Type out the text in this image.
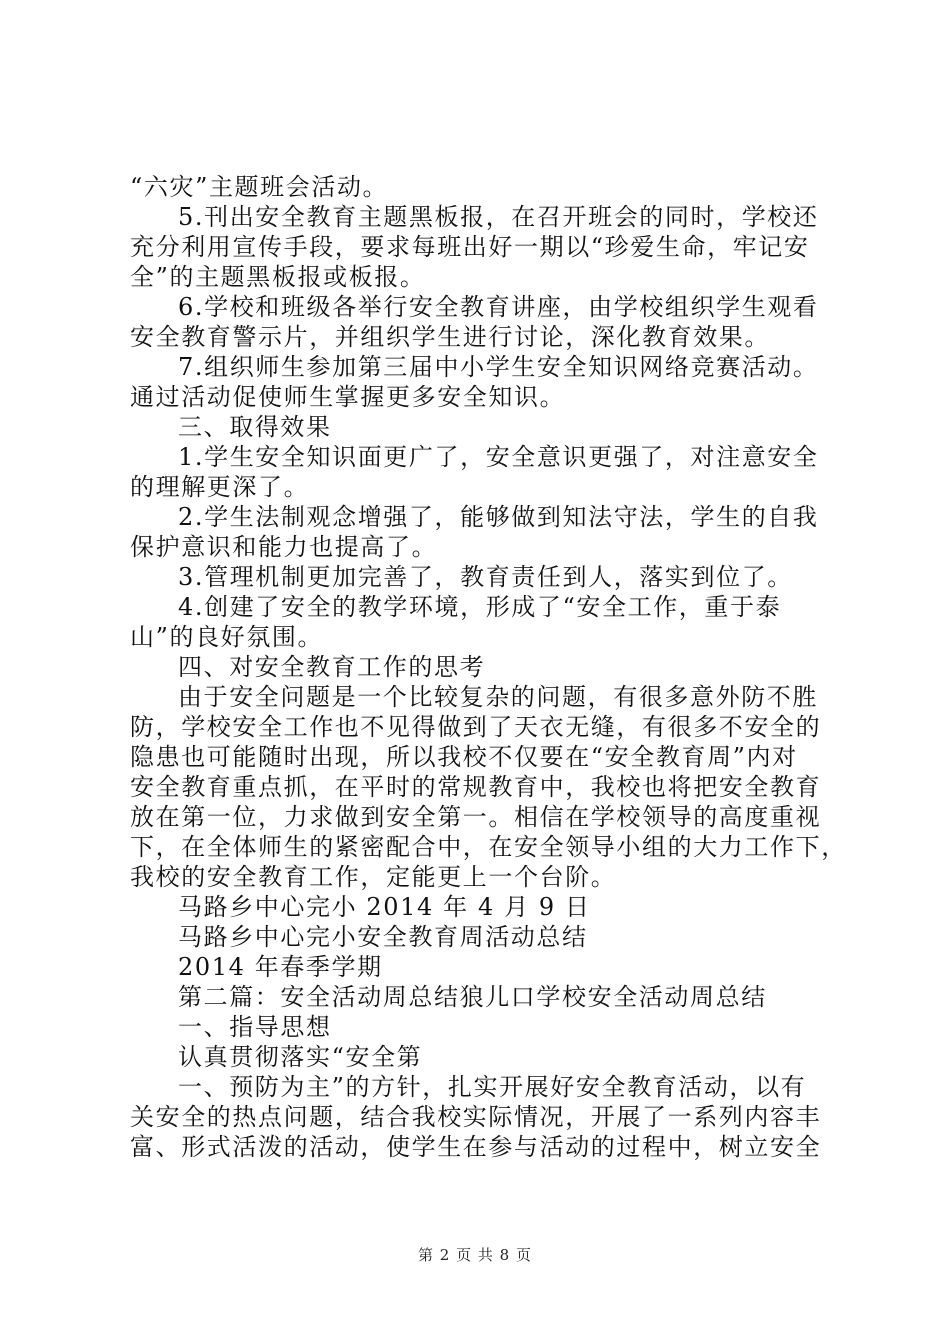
“六灾”主题班会活动。
5.刊出安全教育主题黑板报，在召开班会的同时，学校还
充分利用宣传手段，要求每班出好一期以“珍爱生命，牢记安
全”的主题黑板报或板报。
6.学校和班级各举行安全教育讲座，由学校组织学生观看
安全教育警示片，并组织学生进行讨论，深化教育效果。
7.组织师生参加第三届中小学生安全知识网络竞赛活动。
通过活动促使师生掌握更多安全知识。
三、取得效果
1.学生安全知识面更广了，安全意识更强了，对注意安全
的理解更深了。
2.学生法制观念增强了，能够做到知法守法，学生的自我
保护意识和能力也提高了。
3.管理机制更加完善了，教育责任到人，落实到位了。
4.创建了安全的教学环境，形成了“安全工作，重于泰
山”的良好氛围。
四、对安全教育工作的思考
由于安全问题是一个比较复杂的问题，有很多意外防不胜
防，学校安全工作也不见得做到了天衣无缝，有很多不安全的
隐患也可能随时出现，所以我校不仅要在“安全教育周”内对
安全教育重点抓，在平时的常规教育中，我校也将把安全教育
放在第一位，力求做到安全第一。相信在学校领导的高度重视
下，在全体师生的紧密配合中，在安全领导小组的大力工作下，
我校的安全教育工作，定能更上一个台阶。
马路乡中心完小 2014 年 4 月 9 日
马路乡中心完小安全教育周活动总结
2014 年春季学期
第二篇：安全活动周总结狼儿口学校安全活动周总结
一、指导思想
认真贯彻落实“安全第
一、预防为主”的方针，扎实开展好安全教育活动，以有
关安全的热点问题，结合我校实际情况，开展了一系列内容丰
富、形式活泼的活动，使学生在参与活动的过程中，树立安全
第 2 页 共 8 页
